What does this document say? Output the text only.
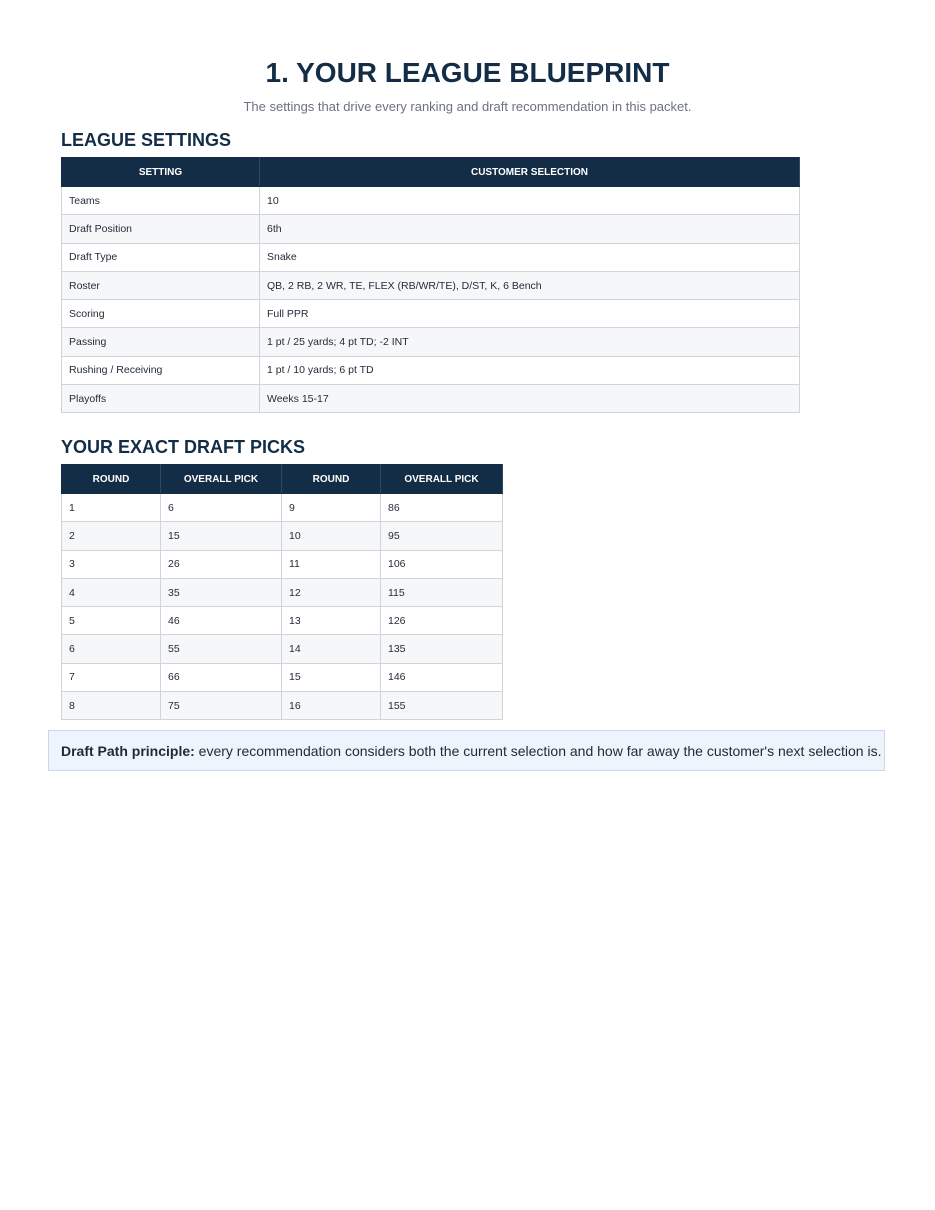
1. YOUR LEAGUE BLUEPRINT

The settings that drive every ranking and draft recommendation in this packet.

LEAGUE SETTINGS
SETTING	CUSTOMER SELECTION
Teams	10
Draft Position	6th
Draft Type	Snake
Roster	QB, 2 RB, 2 WR, TE, FLEX (RB/WR/TE), D/ST, K, 6 Bench
Scoring	Full PPR
Passing	1 pt / 25 yards; 4 pt TD; -2 INT
Rushing / Receiving	1 pt / 10 yards; 6 pt TD
Playoffs	Weeks 15-17
YOUR EXACT DRAFT PICKS
ROUND	OVERALL PICK	ROUND	OVERALL PICK
1	6	9	86
2	15	10	95
3	26	11	106
4	35	12	115
5	46	13	126
6	55	14	135
7	66	15	146
8	75	16	155
Draft Path principle: every recommendation considers both the current selection and how far away the customer's next selection is.
